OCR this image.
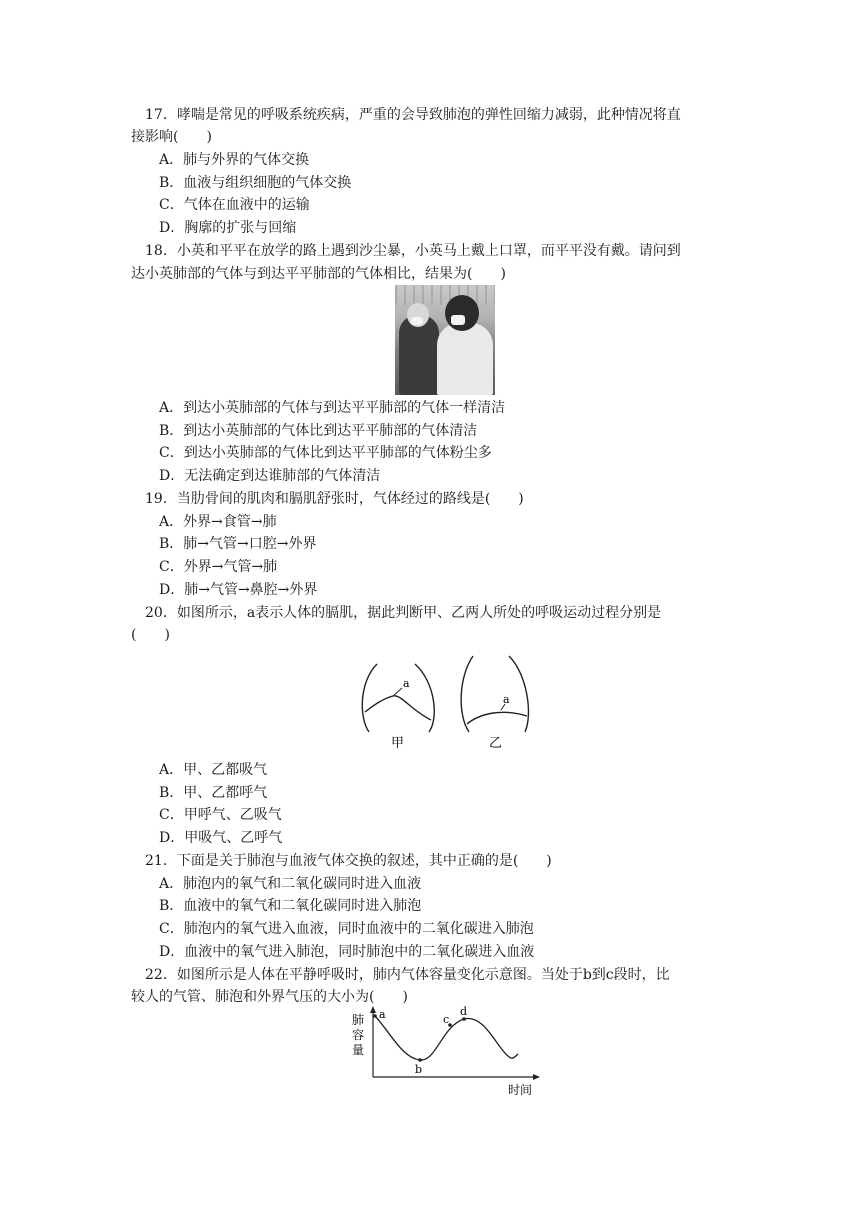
17．哮喘是常见的呼吸系统疾病，严重的会导致肺泡的弹性回缩力减弱，此种情况将直
接影响(　　)
A．肺与外界的气体交换
B．血液与组织细胞的气体交换
C．气体在血液中的运输
D．胸廓的扩张与回缩
18．小英和平平在放学的路上遇到沙尘暴，小英马上戴上口罩，而平平没有戴。请问到
达小英肺部的气体与到达平平肺部的气体相比，结果为(　　)
A．到达小英肺部的气体与到达平平肺部的气体一样清洁
B．到达小英肺部的气体比到达平平肺部的气体清洁
C．到达小英肺部的气体比到达平平肺部的气体粉尘多
D．无法确定到达谁肺部的气体清洁
19．当肋骨间的肌肉和膈肌舒张时，气体经过的路线是(　　)
A．外界→食管→肺
B．肺→气管→口腔→外界
C．外界→气管→肺
D．肺→气管→鼻腔→外界
20．如图所示，a表示人体的膈肌，据此判断甲、乙两人所处的呼吸运动过程分别是
(　　)
a
甲
a
乙
A．甲、乙都吸气
B．甲、乙都呼气
C．甲呼气、乙吸气
D．甲吸气、乙呼气
21．下面是关于肺泡与血液气体交换的叙述，其中正确的是(　　)
A．肺泡内的氧气和二氧化碳同时进入血液
B．血液中的氧气和二氧化碳同时进入肺泡
C．肺泡内的氧气进入血液，同时血液中的二氧化碳进入肺泡
D．血液中的氧气进入肺泡，同时肺泡中的二氧化碳进入血液
22．如图所示是人体在平静呼吸时，肺内气体容量变化示意图。当处于b到c段时，比
较人的气管、肺泡和外界气压的大小为(　　)
肺
容
量
时间
a
b
c
d
